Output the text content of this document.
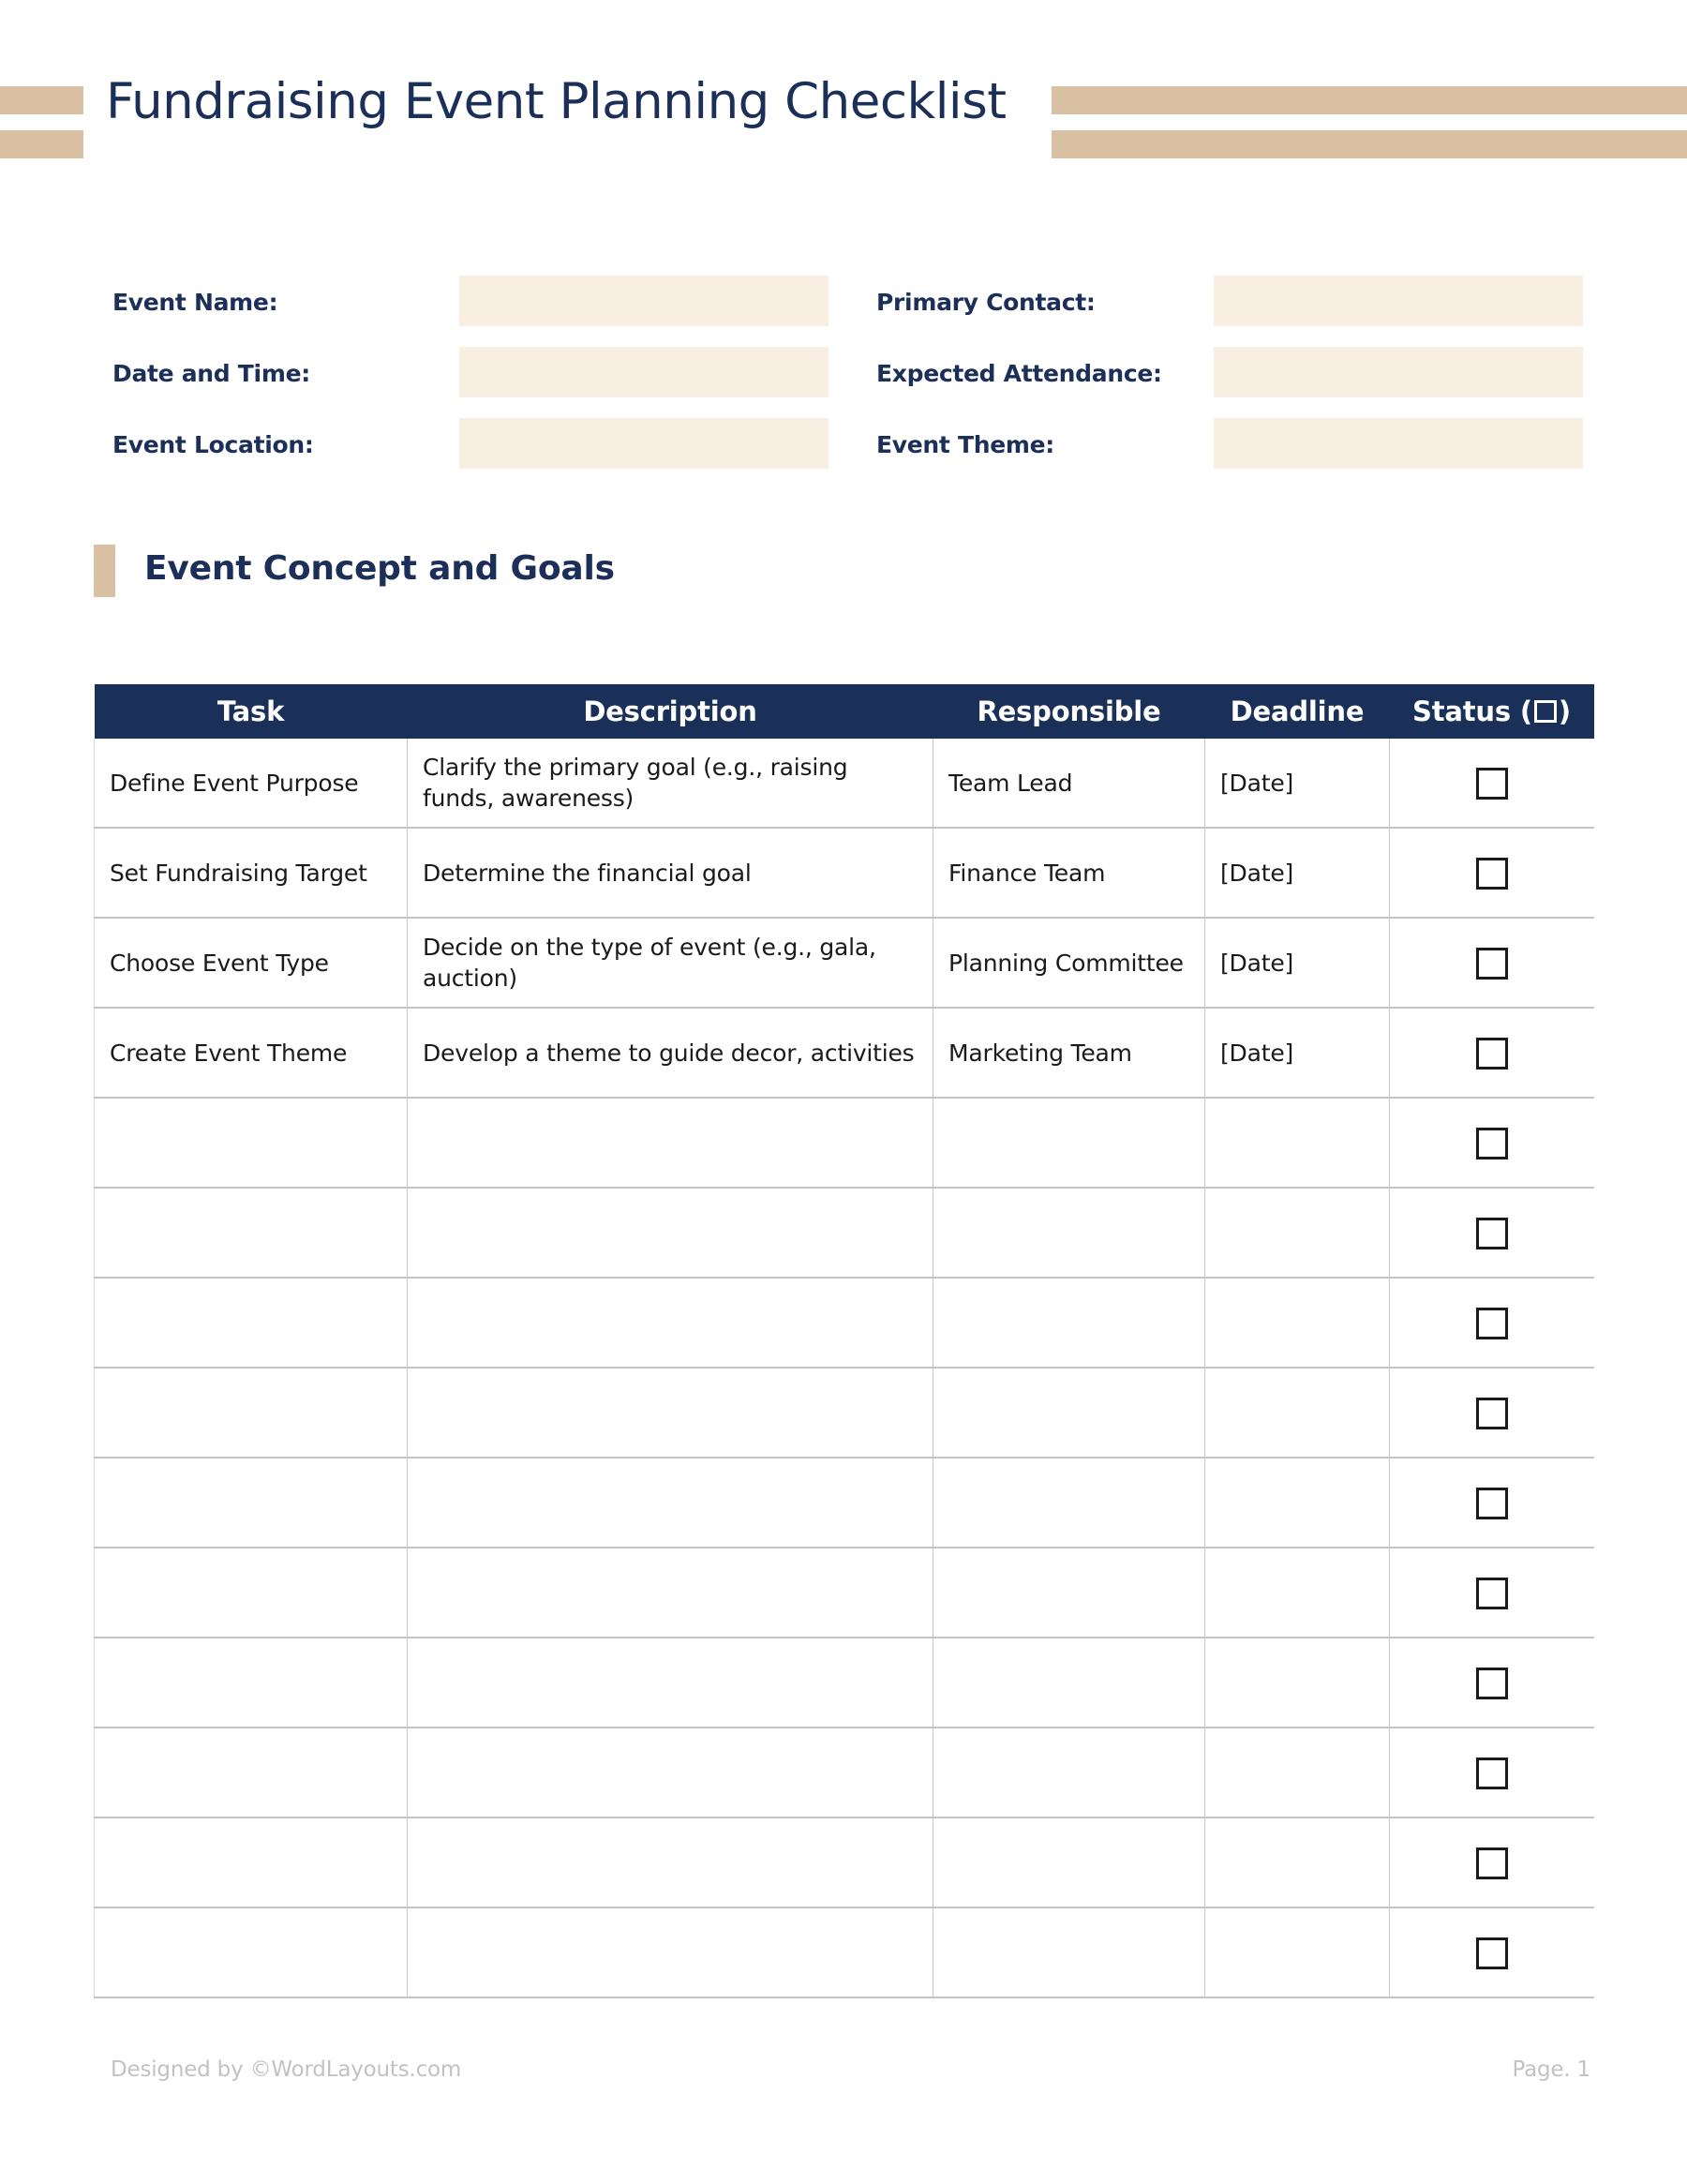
Fundraising Event Planning Checklist
Event Name:
Date and Time:
Event Location:
Primary Contact:
Expected Attendance:
Event Theme:
Event Concept and Goals
Task	Description	Responsible	Deadline	Status ( )
Define Event Purpose	Clarify the primary goal (e.g., raising funds, awareness)	Team Lead	[Date]	
Set Fundraising Target	Determine the financial goal	Finance Team	[Date]	
Choose Event Type	Decide on the type of event (e.g., gala, auction)	Planning Committee	[Date]	
Create Event Theme	Develop a theme to guide decor, activities	Marketing Team	[Date]	

Designed by ©WordLayouts.com	Page. 1
